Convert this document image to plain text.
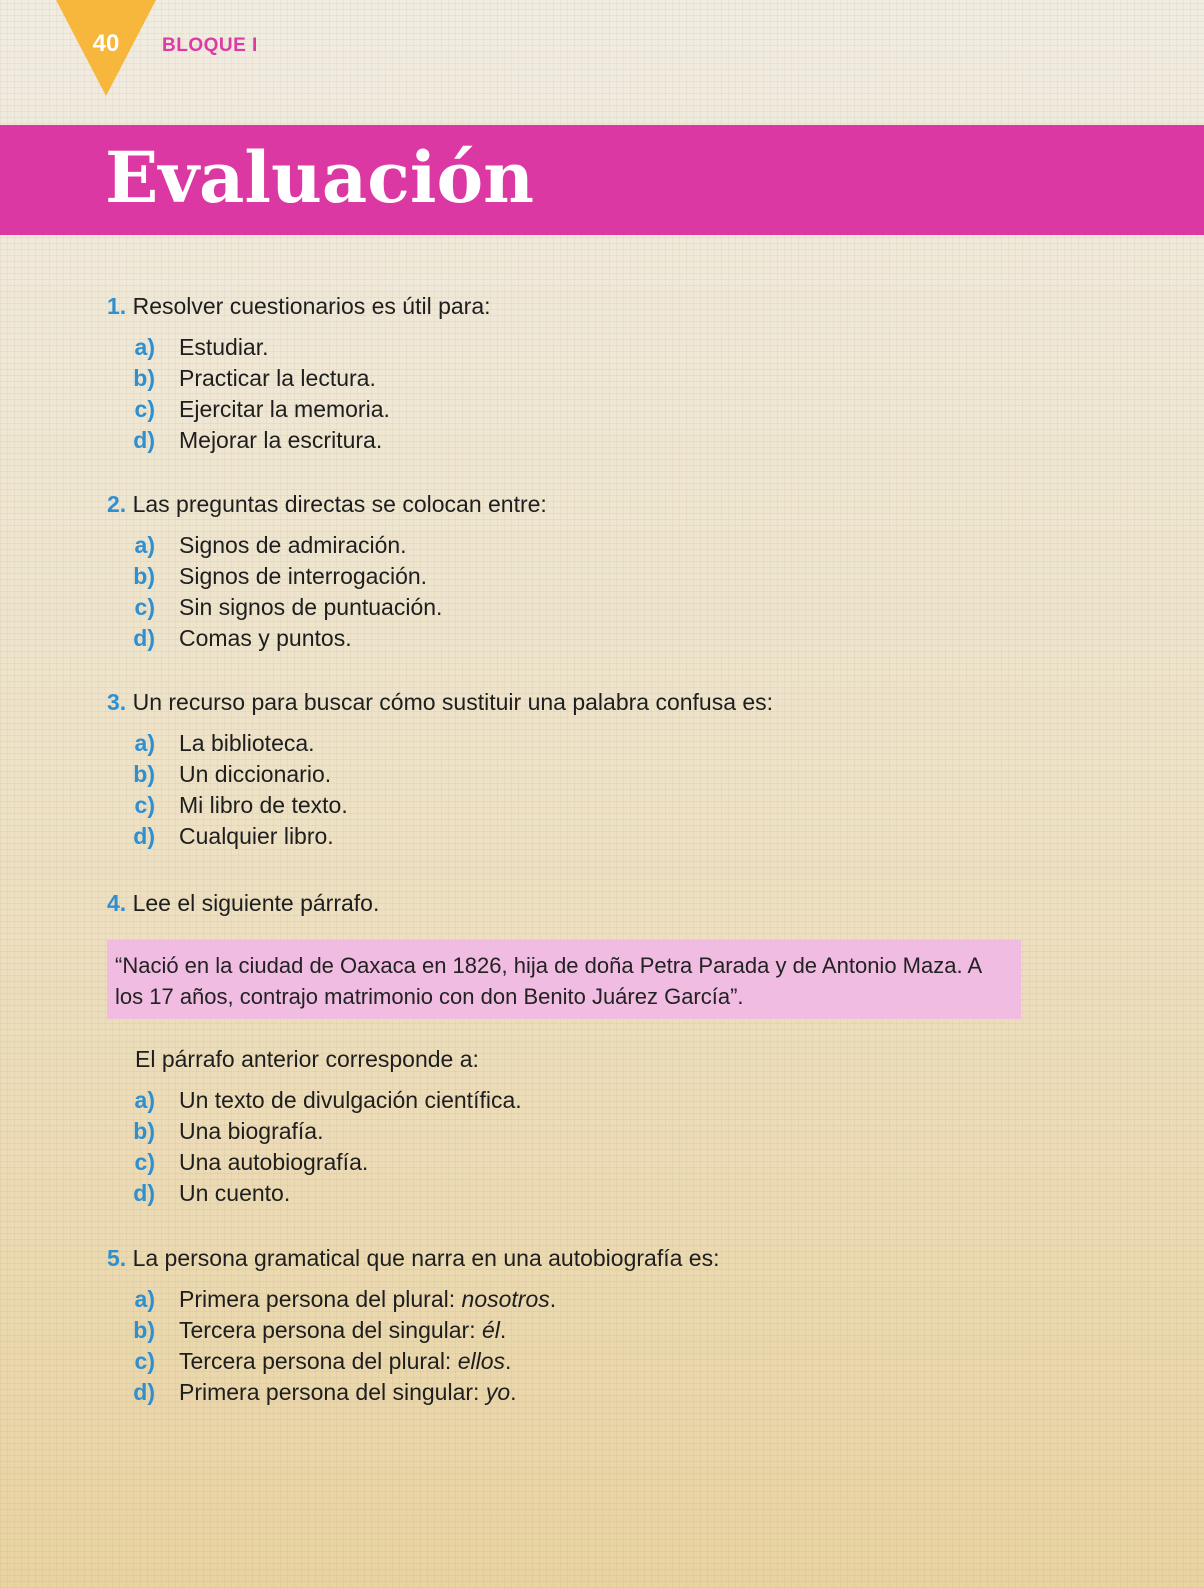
40	BLOQUE I
Evaluación
1. Resolver cuestionarios es útil para:
a) Estudiar.
b) Practicar la lectura.
c) Ejercitar la memoria.
d) Mejorar la escritura.
2. Las preguntas directas se colocan entre:
a) Signos de admiración.
b) Signos de interrogación.
c) Sin signos de puntuación.
d) Comas y puntos.
3. Un recurso para buscar cómo sustituir una palabra confusa es:
a) La biblioteca.
b) Un diccionario.
c) Mi libro de texto.
d) Cualquier libro.
4. Lee el siguiente párrafo.
“Nació en la ciudad de Oaxaca en 1826, hija de doña Petra Parada y de Antonio Maza. A los 17 años, contrajo matrimonio con don Benito Juárez García”.
El párrafo anterior corresponde a:
a) Un texto de divulgación científica.
b) Una biografía.
c) Una autobiografía.
d) Un cuento.
5. La persona gramatical que narra en una autobiografía es:
a) Primera persona del plural: nosotros.
b) Tercera persona del singular: él.
c) Tercera persona del plural: ellos.
d) Primera persona del singular: yo.
